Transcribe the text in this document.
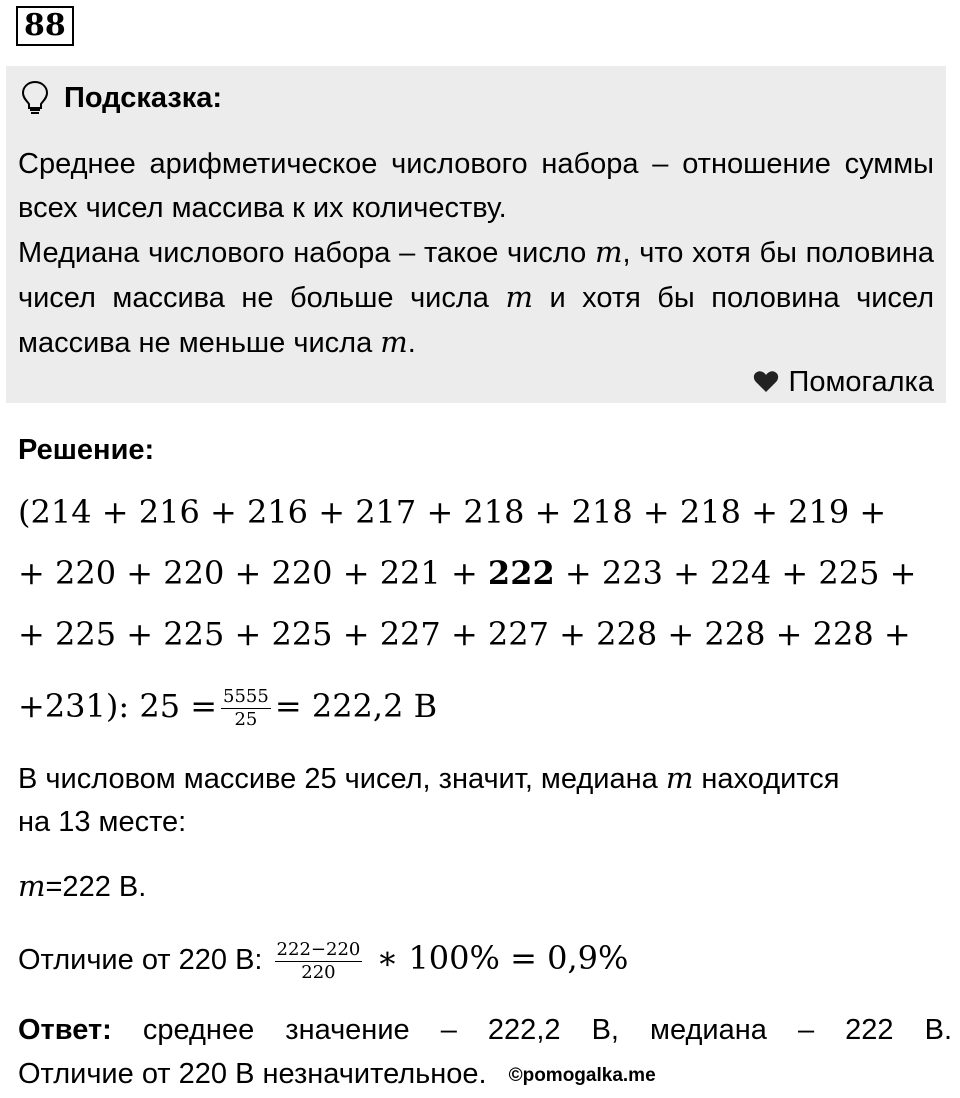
88
Подсказка:

Среднее арифметическое числового набора – отношение суммы всех чисел массива к их количеству.

Медиана числового набора – такое число m, что хотя бы половина чисел массива не больше числа m и хотя бы половина чисел массива не меньше числа m.

Помогалка
Решение:
(214 + 216 + 216 + 217 + 218 + 218 + 218 + 219 +
+ 220 + 220 + 220 + 221 + 222 + 223 + 224 + 225 +
+ 225 + 225 + 225 + 227 + 227 + 228 + 228 + 228 +
+231): $25 = \frac{5555}{25} = 222,2$ В
В числовом массиве 25 чисел, значит, медиана m находится
на 13 месте:
m=222 В.
Отличие от 220 В: $\frac{222-220}{220}$ ∗ 100% = 0,9%
Ответ: среднее значение – 222,2 В, медиана – 222 В.
Отличие от 220 В незначительное. ©pomogalka.me
